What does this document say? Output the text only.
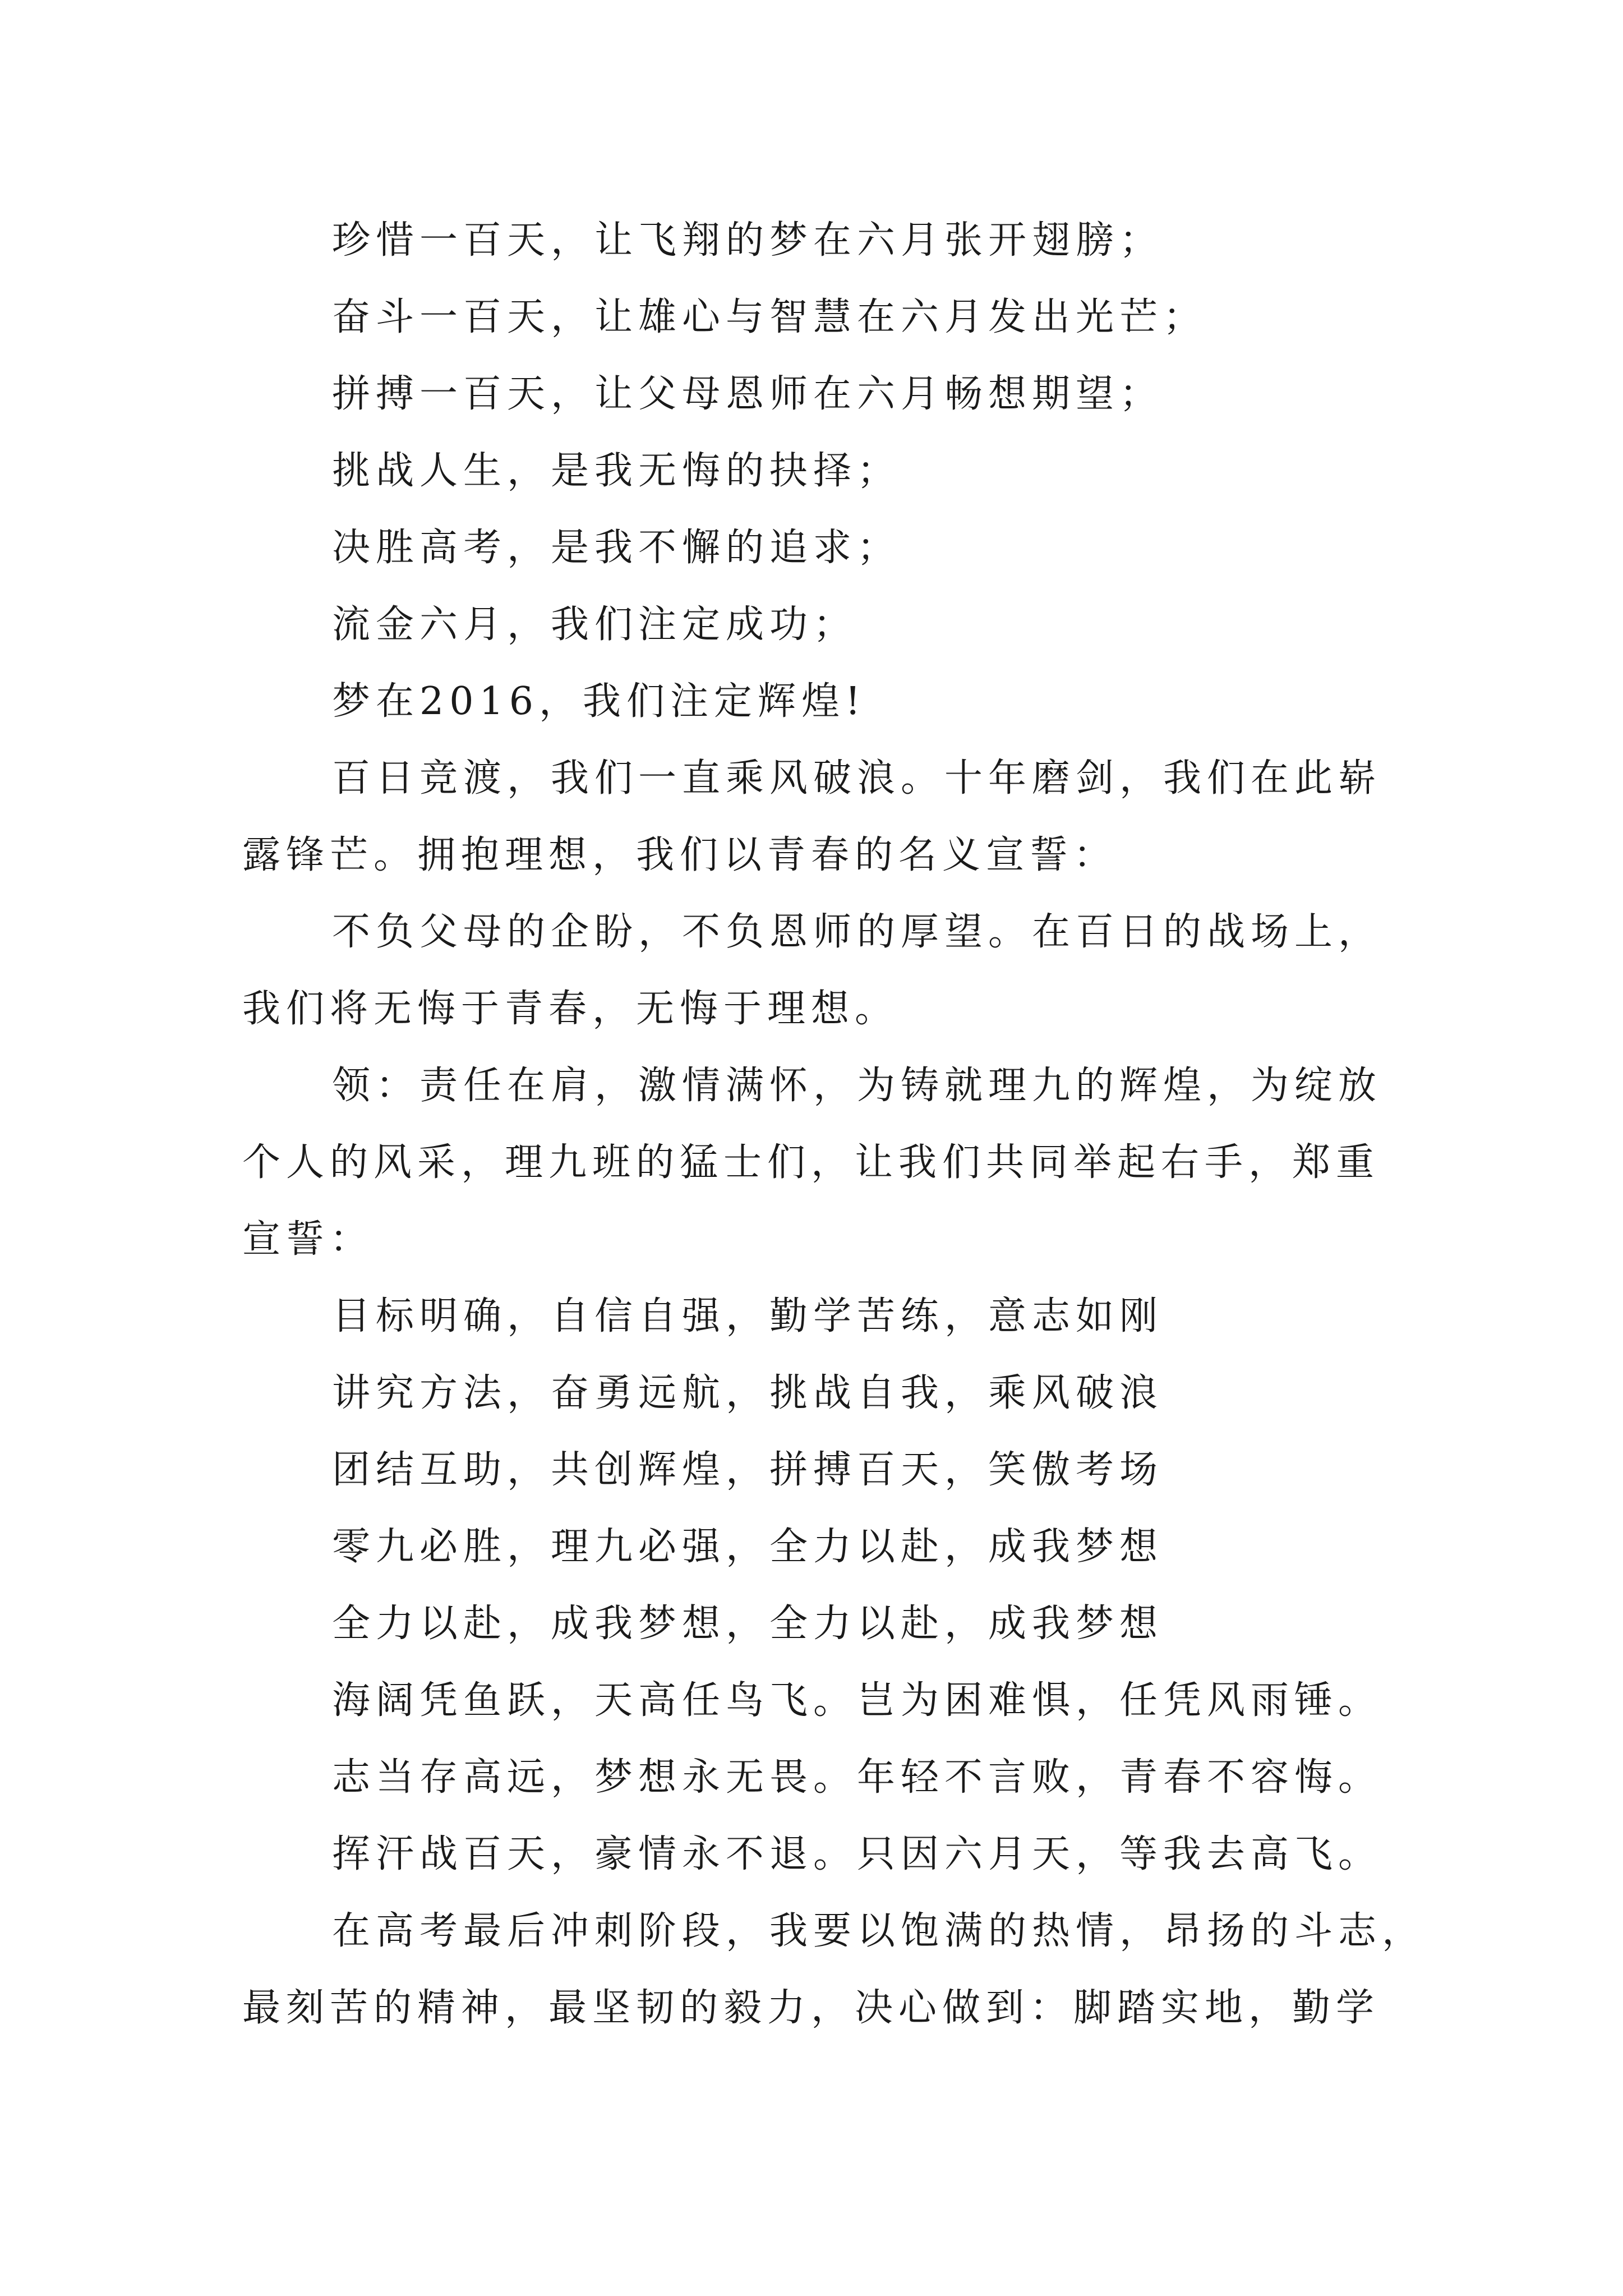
珍惜一百天，让飞翔的梦在六月张开翅膀；
奋斗一百天，让雄心与智慧在六月发出光芒；
拼搏一百天，让父母恩师在六月畅想期望；
挑战人生，是我无悔的抉择；
决胜高考，是我不懈的追求；
流金六月，我们注定成功；
梦在2016，我们注定辉煌!
百日竞渡，我们一直乘风破浪。十年磨剑，我们在此崭
露锋芒。拥抱理想，我们以青春的名义宣誓：
不负父母的企盼，不负恩师的厚望。在百日的战场上，
我们将无悔于青春，无悔于理想。
领：责任在肩，激情满怀，为铸就理九的辉煌，为绽放
个人的风采，理九班的猛士们，让我们共同举起右手，郑重
宣誓：
目标明确，自信自强，勤学苦练，意志如刚
讲究方法，奋勇远航，挑战自我，乘风破浪
团结互助，共创辉煌，拼搏百天，笑傲考场
零九必胜，理九必强，全力以赴，成我梦想
全力以赴，成我梦想，全力以赴，成我梦想
海阔凭鱼跃，天高任鸟飞。岂为困难惧，任凭风雨锤。
志当存高远，梦想永无畏。年轻不言败，青春不容悔。
挥汗战百天，豪情永不退。只因六月天，等我去高飞。
在高考最后冲刺阶段，我要以饱满的热情，昂扬的斗志，
最刻苦的精神，最坚韧的毅力，决心做到：脚踏实地，勤学
